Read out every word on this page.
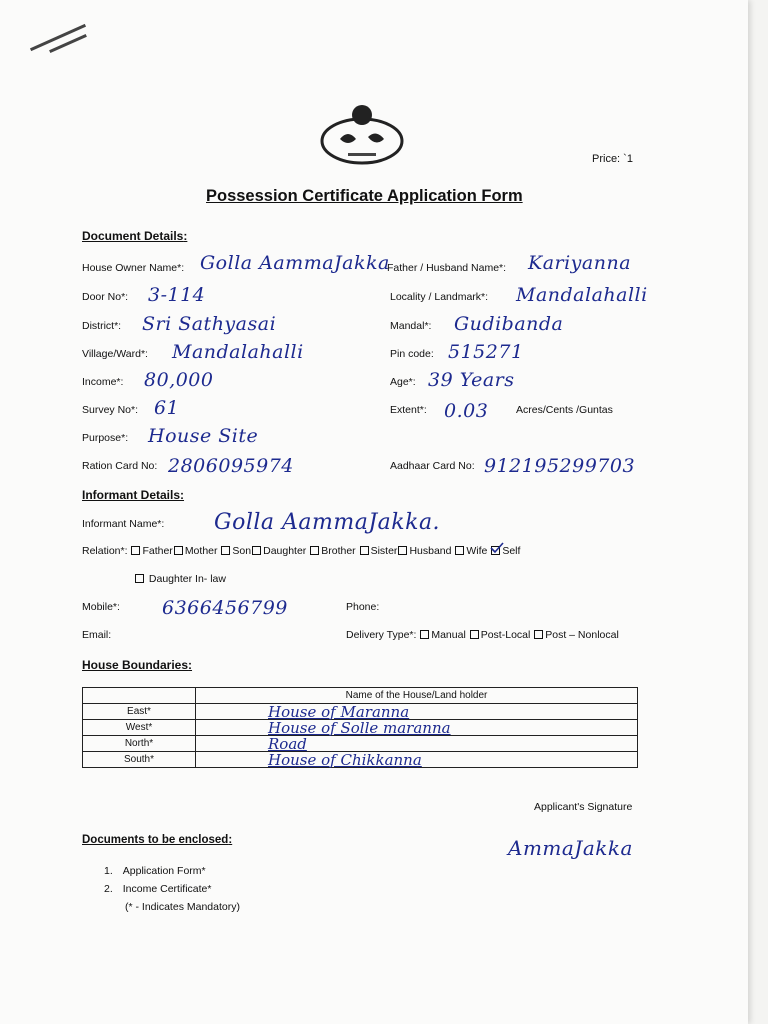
Price: `1
Possession Certificate Application Form
Document Details:
House Owner Name*: Golla AammaJakka
Father / Husband Name*: Kariyanna
Door No*: 3-114	Locality / Landmark*: Mandalahalli
District*: Sri Sathyasai	Mandal*: Gudibanda
Village/Ward*: Mandalahalli	Pin code: 515271
Income*: 80,000	Age*: 39 Years
Survey No*: 61	Extent*: 0.03	Acres/Cents /Guntas
Purpose*: House Site
Ration Card No: 2806095974	Aadhaar Card No: 912195299703
Informant Details:
Informant Name*: Golla AammaJakka.
Relation*: Father Mother Son Daughter Brother Sister Husband Wife Self
Daughter In- law
Mobile*: 6366456799	Phone:
Email:	Delivery Type*: Manual Post-Local Post – Nonlocal
House Boundaries:
	Name of the House/Land holder
East*	House of Maranna
West*	House of Solle maranna
North*	Road
South*	House of Chikkanna
Applicant's Signature
AmmaJakka
Documents to be enclosed:
1. Application Form*
2. Income Certificate*
(* - Indicates Mandatory)
